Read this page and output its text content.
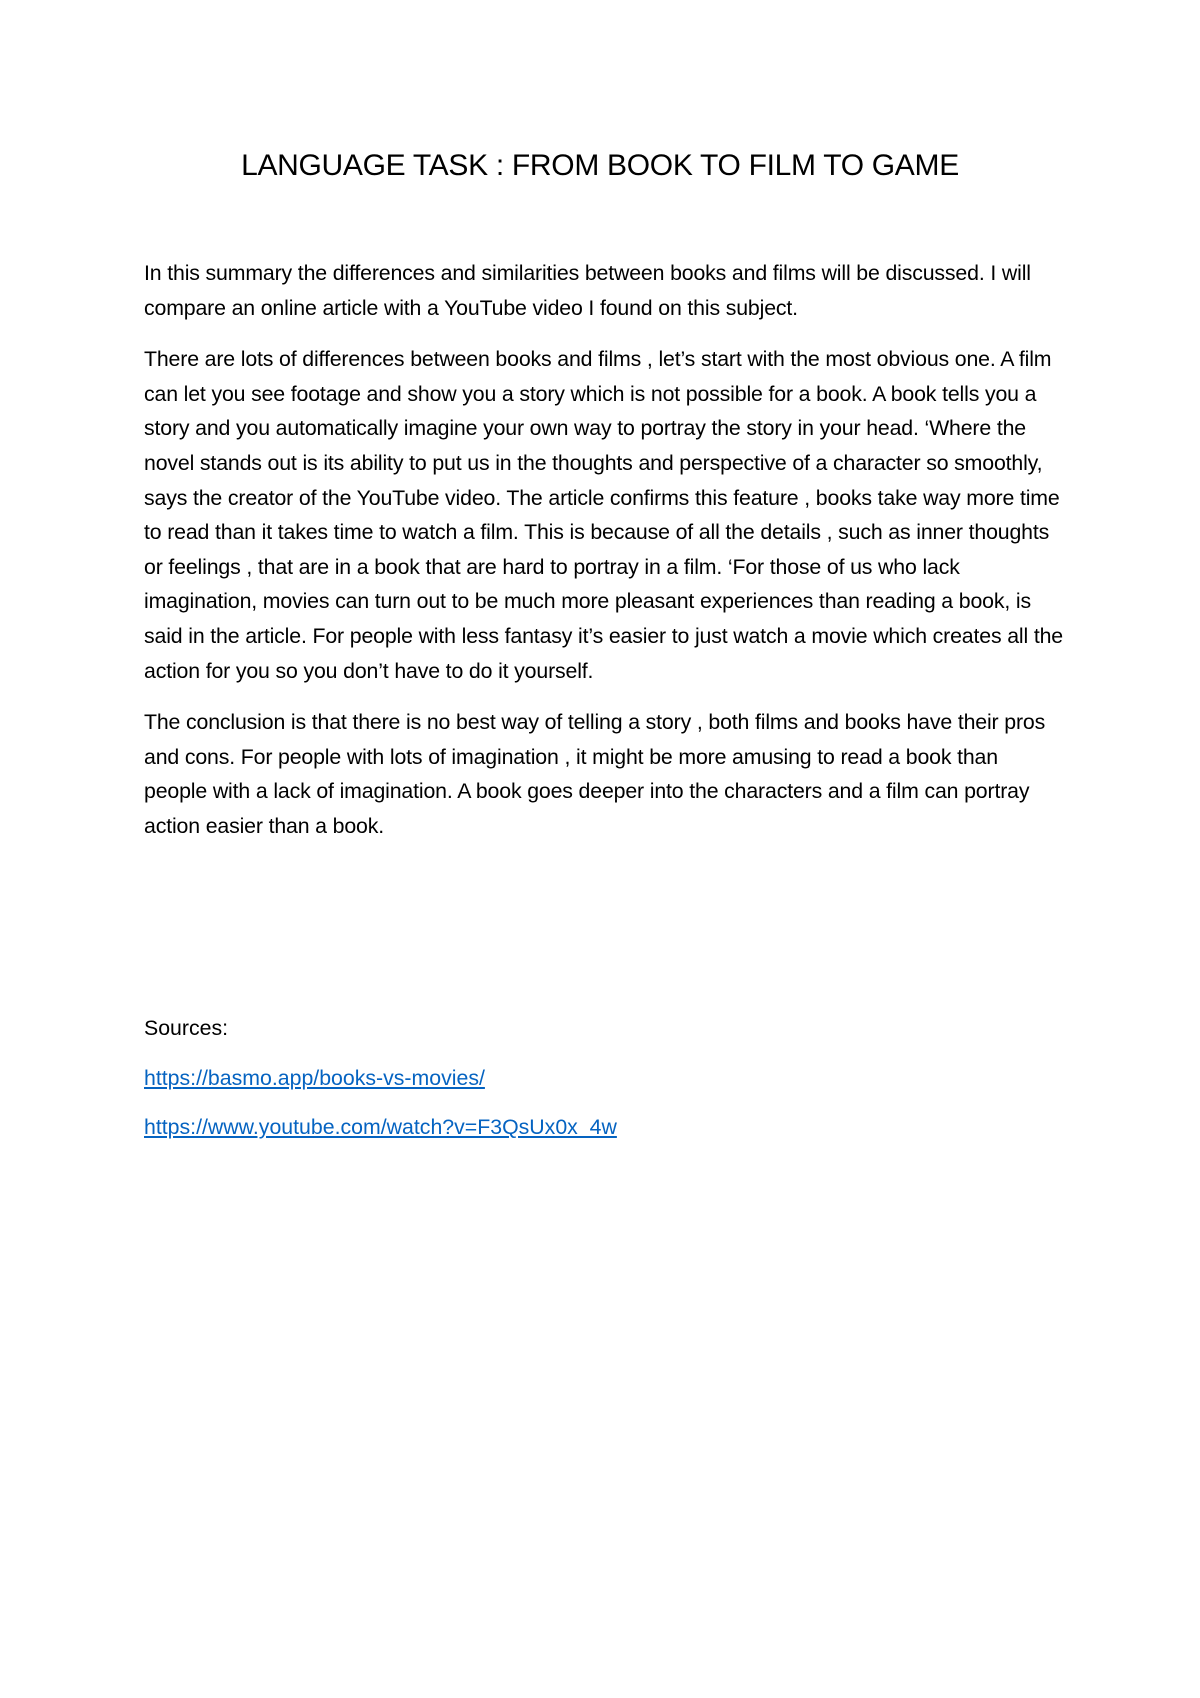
LANGUAGE TASK : FROM BOOK TO FILM TO GAME

In this summary the differences and similarities between books and films will be discussed. I will compare an online article with a YouTube video I found on this subject.

There are lots of differences between books and films , let’s start with the most obvious one. A film can let you see footage and show you a story which is not possible for a book. A book tells you a story and you automatically imagine your own way to portray the story in your head. ‘Where the novel stands out is its ability to put us in the thoughts and perspective of a character so smoothly, says the creator of the YouTube video. The article confirms this feature , books take way more time to read than it takes time to watch a film. This is because of all the details , such as inner thoughts or feelings , that are in a book that are hard to portray in a film. ‘For those of us who lack imagination, movies can turn out to be much more pleasant experiences than reading a book, is said in the article. For people with less fantasy it’s easier to just watch a movie which creates all the action for you so you don’t have to do it yourself.

The conclusion is that there is no best way of telling a story , both films and books have their pros and cons. For people with lots of imagination , it might be more amusing to read a book than people with a lack of imagination. A book goes deeper into the characters and a film can portray action easier than a book.

Sources:

https://basmo.app/books-vs-movies/

https://www.youtube.com/watch?v=F3QsUx0x_4w
